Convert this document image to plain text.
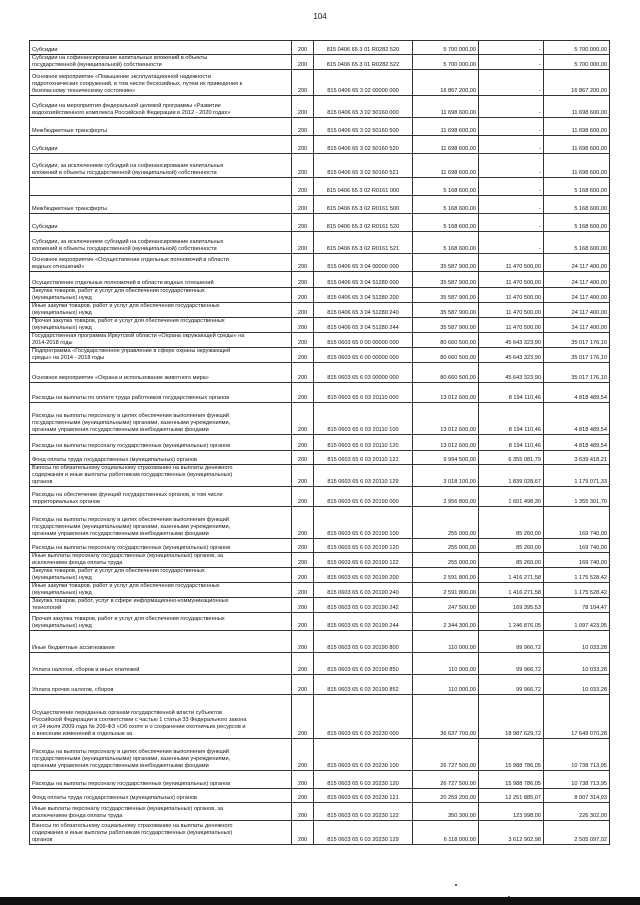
104
Субсидии	200	815 0406 65 3 01 R0282 520	5 700 000,00	-	5 700 000,00
Субсидии на софинансирование капитальных вложений в объекты
государственной (муниципальной) собственности	200	815 0406 65 3 01 R0282 522	5 700 000,00	-	5 700 000,00
Основное мероприятие «Повышение эксплуатационной надежности
гидротехнических сооружений, в том числе бесхозяйных, путем их приведения к
безопасному техническому состоянию»	200	815 0406 65 3 02 00000 000	16 867 200,00	-	16 867 200,00
Субсидии на мероприятия федеральной целевой программы «Развитие
водохозяйственного комплекса Российской Федерации в 2012 - 2020 годах»	200	815 0406 65 3 02 50160 000	11 698 600,00	-	11 698 600,00
Межбюджетные трансферты	200	815 0406 65 3 02 50160 500	11 698 600,00	-	11 698 600,00
Субсидии	200	815 0406 65 3 02 50160 520	11 698 600,00	-	11 698 600,00
Субсидии, за исключением субсидий на софинансирование капитальных
вложений в объекты государственной (муниципальной) собственности	200	815 0406 65 3 02 50160 521	11 698 600,00	-	11 698 600,00
	200	815 0406 65 3 02 R0161 000	5 168 600,00	-	5 168 600,00
Межбюджетные трансферты	200	815 0406 65 3 02 R0161 500	5 168 600,00	-	5 168 600,00
Субсидии	200	815 0406 65 3 02 R0161 520	5 168 600,00	-	5 168 600,00
Субсидии, за исключением субсидий на софинансирование капитальных
вложений в объекты государственной (муниципальной) собственности	200	815 0406 65 3 02 R0161 521	5 168 600,00	-	5 168 600,00
Основное мероприятие «Осуществление отдельных полномочий в области
водных отношений»	200	815 0406 65 3 04 00000 000	35 587 900,00	11 470 500,00	24 117 400,00
Осуществление отдельных полномочий в области водных отношений	200	815 0406 65 3 04 51280 000	35 587 900,00	11 470 500,00	24 117 400,00
Закупка товаров, работ и услуг для обеспечения государственных
(муниципальных) нужд	200	815 0406 65 3 04 51280 200	35 587 900,00	11 470 500,00	24 117 400,00
Иные закупки товаров, работ и услуг для обеспечения государственных
(муниципальных) нужд	200	815 0406 65 3 04 51280 240	35 587 900,00	11 470 500,00	24 117 400,00
Прочая закупка товаров, работ и услуг для обеспечения государственных
(муниципальных) нужд	200	815 0406 65 3 04 51280 244	35 587 900,00	11 470 500,00	24 117 400,00
Государственная программа Иркутской области «Охрана окружающей среды» на
2014-2018 годы	200	815 0603 65 0 00 00000 000	80 660 500,00	45 643 323,90	35 017 176,10
Подпрограмма «Государственное управление в сфере охраны окружающей
среды» на 2014 - 2018 годы	200	815 0603 65 6 00 00000 000	80 660 500,00	45 643 323,90	35 017 176,10
Основное мероприятие «Охрана и использование животного мира»	200	815 0603 65 6 03 00000 000	80 660 500,00	45 643 323,90	35 017 176,10
Расходы на выплаты по оплате труда работников государственных органов	200	815 0603 65 6 03 20110 000	13 012 600,00	8 194 110,46	4 818 489,54
Расходы на выплаты персоналу в целях обеспечения выполнения функций
государственными (муниципальными) органами, казенными учреждениями,
органами управления государственными внебюджетными фондами	200	815 0603 65 6 03 20110 100	13 012 600,00	8 194 110,46	4 818 489,54
Расходы на выплаты персоналу государственных (муниципальных) органов	200	815 0603 65 6 03 20110 120	13 012 600,00	8 194 110,46	4 818 489,54
Фонд оплаты труда государственных (муниципальных) органов	200	815 0603 65 6 03 20110 121	9 994 500,00	6 355 081,79	3 639 418,21
Взносы по обязательному социальному страхованию на выплаты денежного
содержания и иные выплаты работникам государственных (муниципальных)
органов	200	815 0603 65 6 03 20110 129	3 018 100,00	1 839 028,67	1 179 071,33
Расходы на обеспечение функций государственных органов, в том числе
территориальных органов	200	815 0603 65 6 03 20190 000	2 956 800,00	1 601 498,30	1 355 301,70
Расходы на выплаты персоналу в целях обеспечения выполнения функций
государственными (муниципальными) органами, казенными учреждениями,
органами управления государственными внебюджетными фондами	200	815 0603 65 6 03 20190 100	255 000,00	85 260,00	169 740,00
Расходы на выплаты персоналу государственных (муниципальных) органов	200	815 0603 65 6 03 20190 120	255 000,00	85 260,00	169 740,00
Иные выплаты персоналу государственных (муниципальных) органов, за
исключением фонда оплаты труда	200	815 0603 65 6 03 20190 122	255 000,00	85 260,00	169 740,00
Закупка товаров, работ и услуг для обеспечения государственных
(муниципальных) нужд	200	815 0603 65 6 03 20190 200	2 591 800,00	1 416 271,58	1 175 528,42
Иные закупки товаров, работ и услуг для обеспечения государственных
(муниципальных) нужд	200	815 0603 65 6 03 20190 240	2 591 800,00	1 416 271,58	1 175 528,42
Закупка товаров, работ, услуг в сфере информационно-коммуникационных
технологий	200	815 0603 65 6 03 20190 242	247 500,00	169 395,53	78 104,47
Прочая закупка товаров, работ и услуг для обеспечения государственных
(муниципальных) нужд	200	815 0603 65 6 03 20190 244	2 344 300,00	1 246 876,05	1 097 423,95
Иные бюджетные ассигнования	200	815 0603 65 6 03 20190 800	110 000,00	99 966,72	10 033,28
Уплата налогов, сборов и иных платежей	200	815 0603 65 6 03 20190 850	110 000,00	99 966,72	10 033,28
Уплата прочих налогов, сборов	200	815 0603 65 6 03 20190 852	110 000,00	99 966,72	10 033,28
Осуществление переданных органам государственной власти субъектов
Российской Федерации в соответствии с частью 1 статьи 33 Федерального закона
от 24 июля 2009 года № 209-ФЗ «Об охоте и о сохранении охотничьих ресурсов и
о внесении изменений в отдельные за	200	815 0603 65 6 03 20230 000	36 637 700,00	18 987 629,72	17 649 070,28
Расходы на выплаты персоналу в целях обеспечения выполнения функций
государственными (муниципальными) органами, казенными учреждениями,
органами управления государственными внебюджетными фондами	200	815 0603 65 6 03 20230 100	26 727 500,00	15 988 786,05	10 738 713,95
Расходы на выплаты персоналу государственных (муниципальных) органов	200	815 0603 65 6 03 20230 120	26 727 500,00	15 988 786,05	10 738 713,95
Фонд оплаты труда государственных (муниципальных) органов	200	815 0603 65 6 03 20230 121	20 259 200,00	12 251 885,07	8 007 314,93
Иные выплаты персоналу государственных (муниципальных) органов, за
исключением фонда оплаты труда	200	815 0603 65 6 03 20230 122	350 300,00	123 998,00	226 302,00
Взносы по обязательному социальному страхованию на выплаты денежного
содержания и иные выплаты работникам государственных (муниципальных)
органов	200	815 0603 65 6 03 20230 129	6 118 000,00	3 612 902,98	2 505 097,02
